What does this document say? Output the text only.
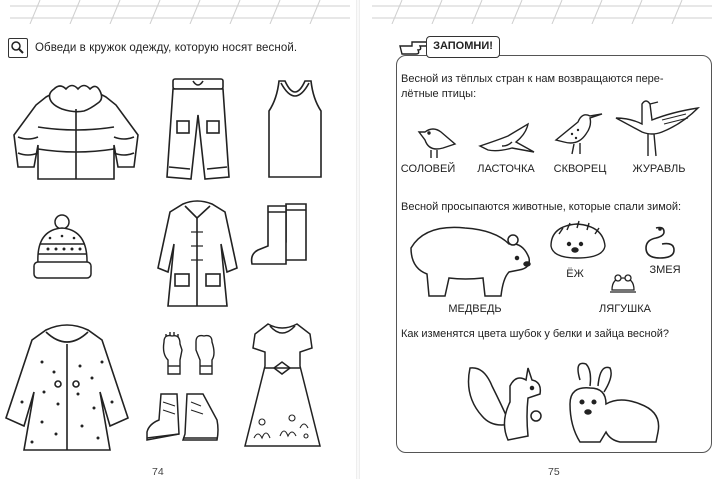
Обведи в кружок одежду, которую носят весной.
74
ЗАПОМНИ!
Весной из тёплых стран к нам возвращаются пере-лётные птицы:
СОЛОВЕЙ	ЛАСТОЧКА	СКВОРЕЦ	ЖУРАВЛЬ
Весной просыпаются животные, которые спали зимой:
ЁЖ	ЗМЕЯ
МЕДВЕДЬ	ЛЯГУШКА
Как изменятся цвета шубок у белки и зайца весной?
75
